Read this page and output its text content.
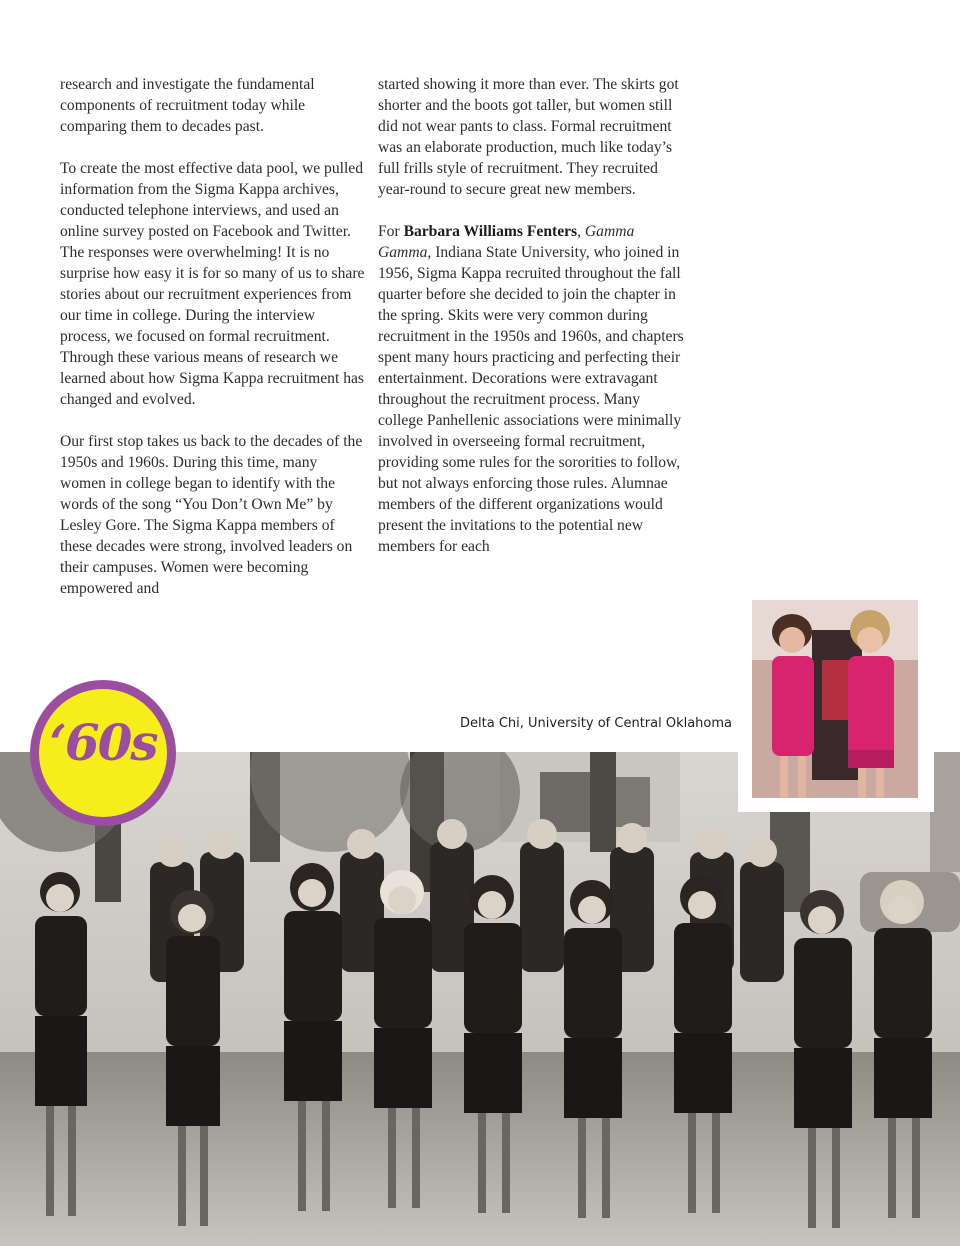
research and investigate the fundamental components of recruitment today while comparing them to decades past.

To create the most effective data pool, we pulled information from the Sigma Kappa archives, conducted telephone interviews, and used an online survey posted on Facebook and Twitter. The responses were overwhelming! It is no surprise how easy it is for so many of us to share stories about our recruitment experiences from our time in college. During the interview process, we focused on formal recruitment. Through these various means of research we learned about how Sigma Kappa recruitment has changed and evolved.

Our first stop takes us back to the decades of the 1950s and 1960s. During this time, many women in college began to identify with the words of the song “You Don’t Own Me” by Lesley Gore. The Sigma Kappa members of these decades were strong, involved leaders on their campuses. Women were becoming empowered and

started showing it more than ever. The skirts got shorter and the boots got taller, but women still did not wear pants to class. Formal recruitment was an elaborate production, much like today’s full frills style of recruitment. They recruited year-round to secure great new members.

For Barbara Williams Fenters, Gamma Gamma, Indiana State University, who joined in 1956, Sigma Kappa recruited throughout the fall quarter before she decided to join the chapter in the spring. Skits were very common during recruitment in the 1950s and 1960s, and chapters spent many hours practicing and perfecting their entertainment. Decorations were extravagant throughout the recruitment process. Many college Panhellenic associations were minimally involved in overseeing formal recruitment, providing some rules for the sororities to follow, but not always enforcing those rules. Alumnae members of the different organizations would present the invitations to the potential new members for each

Delta Chi, University of Central Oklahoma
‘60s
